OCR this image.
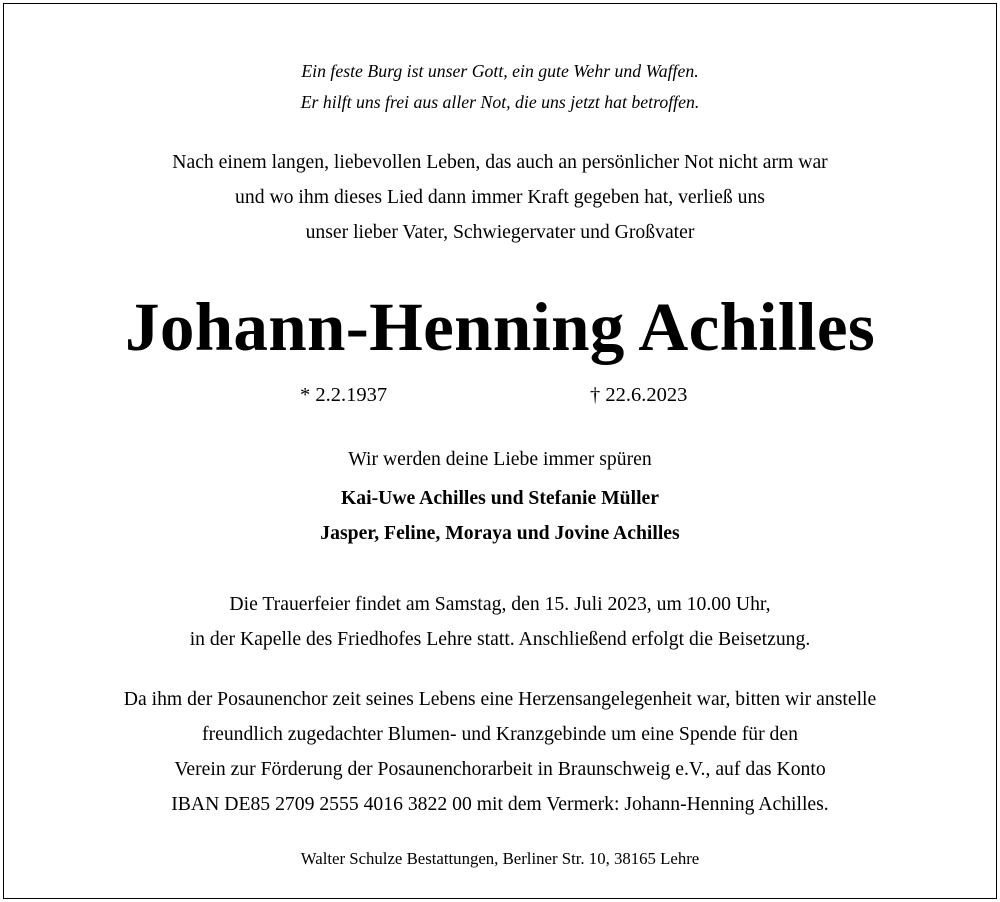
Ein feste Burg ist unser Gott, ein gute Wehr und Waffen.
Er hilft uns frei aus aller Not, die uns jetzt hat betroffen.
Nach einem langen, liebevollen Leben, das auch an persönlicher Not nicht arm war
und wo ihm dieses Lied dann immer Kraft gegeben hat, verließ uns
unser lieber Vater, Schwiegervater und Großvater
Johann-Henning Achilles
* 2.2.1937	† 22.6.2023
Wir werden deine Liebe immer spüren
Kai-Uwe Achilles und Stefanie Müller
Jasper, Feline, Moraya und Jovine Achilles
Die Trauerfeier findet am Samstag, den 15. Juli 2023, um 10.00 Uhr,
in der Kapelle des Friedhofes Lehre statt. Anschließend erfolgt die Beisetzung.
Da ihm der Posaunenchor zeit seines Lebens eine Herzensangelegenheit war, bitten wir anstelle
freundlich zugedachter Blumen- und Kranzgebinde um eine Spende für den
Verein zur Förderung der Posaunenchorarbeit in Braunschweig e.V., auf das Konto
IBAN DE85 2709 2555 4016 3822 00 mit dem Vermerk: Johann-Henning Achilles.
Walter Schulze Bestattungen, Berliner Str. 10, 38165 Lehre
